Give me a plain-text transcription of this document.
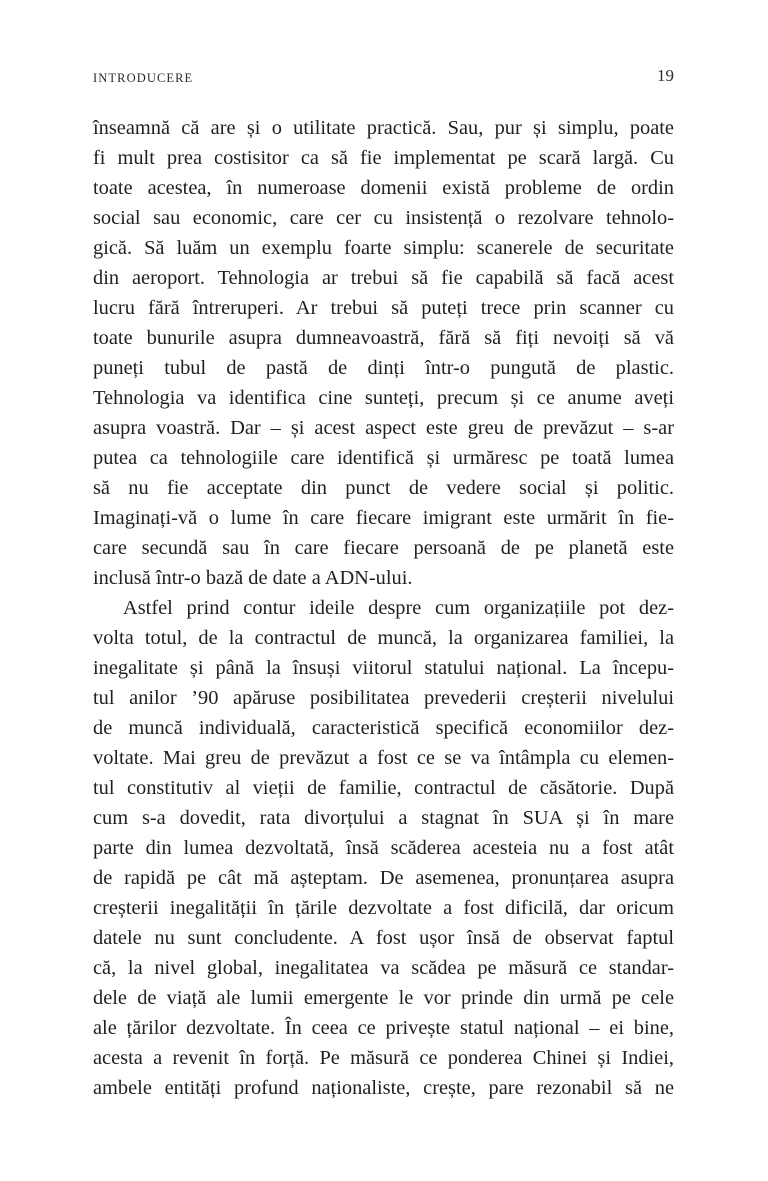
INTRODUCERE	19
înseamnă că are și o utilitate practică. Sau, pur și simplu, poate
fi mult prea costisitor ca să fie implementat pe scară largă. Cu
toate acestea, în numeroase domenii există probleme de ordin
social sau economic, care cer cu insistență o rezolvare tehnolo-
gică. Să luăm un exemplu foarte simplu: scanerele de securitate
din aeroport. Tehnologia ar trebui să fie capabilă să facă acest
lucru fără întreruperi. Ar trebui să puteți trece prin scanner cu
toate bunurile asupra dumneavoastră, fără să fiți nevoiți să vă
puneți tubul de pastă de dinți într-o pungută de plastic.
Tehnologia va identifica cine sunteți, precum și ce anume aveți
asupra voastră. Dar – și acest aspect este greu de prevăzut – s-ar
putea ca tehnologiile care identifică și urmăresc pe toată lumea
să nu fie acceptate din punct de vedere social și politic.
Imaginați-vă o lume în care fiecare imigrant este urmărit în fie-
care secundă sau în care fiecare persoană de pe planetă este
inclusă într-o bază de date a ADN-ului.
Astfel prind contur ideile despre cum organizațiile pot dez-
volta totul, de la contractul de muncă, la organizarea familiei, la
inegalitate și până la însuși viitorul statului național. La începu-
tul anilor ’90 apăruse posibilitatea prevederii creșterii nivelului
de muncă individuală, caracteristică specifică economiilor dez-
voltate. Mai greu de prevăzut a fost ce se va întâmpla cu elemen-
tul constitutiv al vieții de familie, contractul de căsătorie. După
cum s-a dovedit, rata divorțului a stagnat în SUA și în mare
parte din lumea dezvoltată, însă scăderea acesteia nu a fost atât
de rapidă pe cât mă așteptam. De asemenea, pronunțarea asupra
creșterii inegalității în țările dezvoltate a fost dificilă, dar oricum
datele nu sunt concludente. A fost ușor însă de observat faptul
că, la nivel global, inegalitatea va scădea pe măsură ce standar-
dele de viață ale lumii emergente le vor prinde din urmă pe cele
ale țărilor dezvoltate. În ceea ce privește statul național – ei bine,
acesta a revenit în forță. Pe măsură ce ponderea Chinei și Indiei,
ambele entități profund naționaliste, crește, pare rezonabil să ne
